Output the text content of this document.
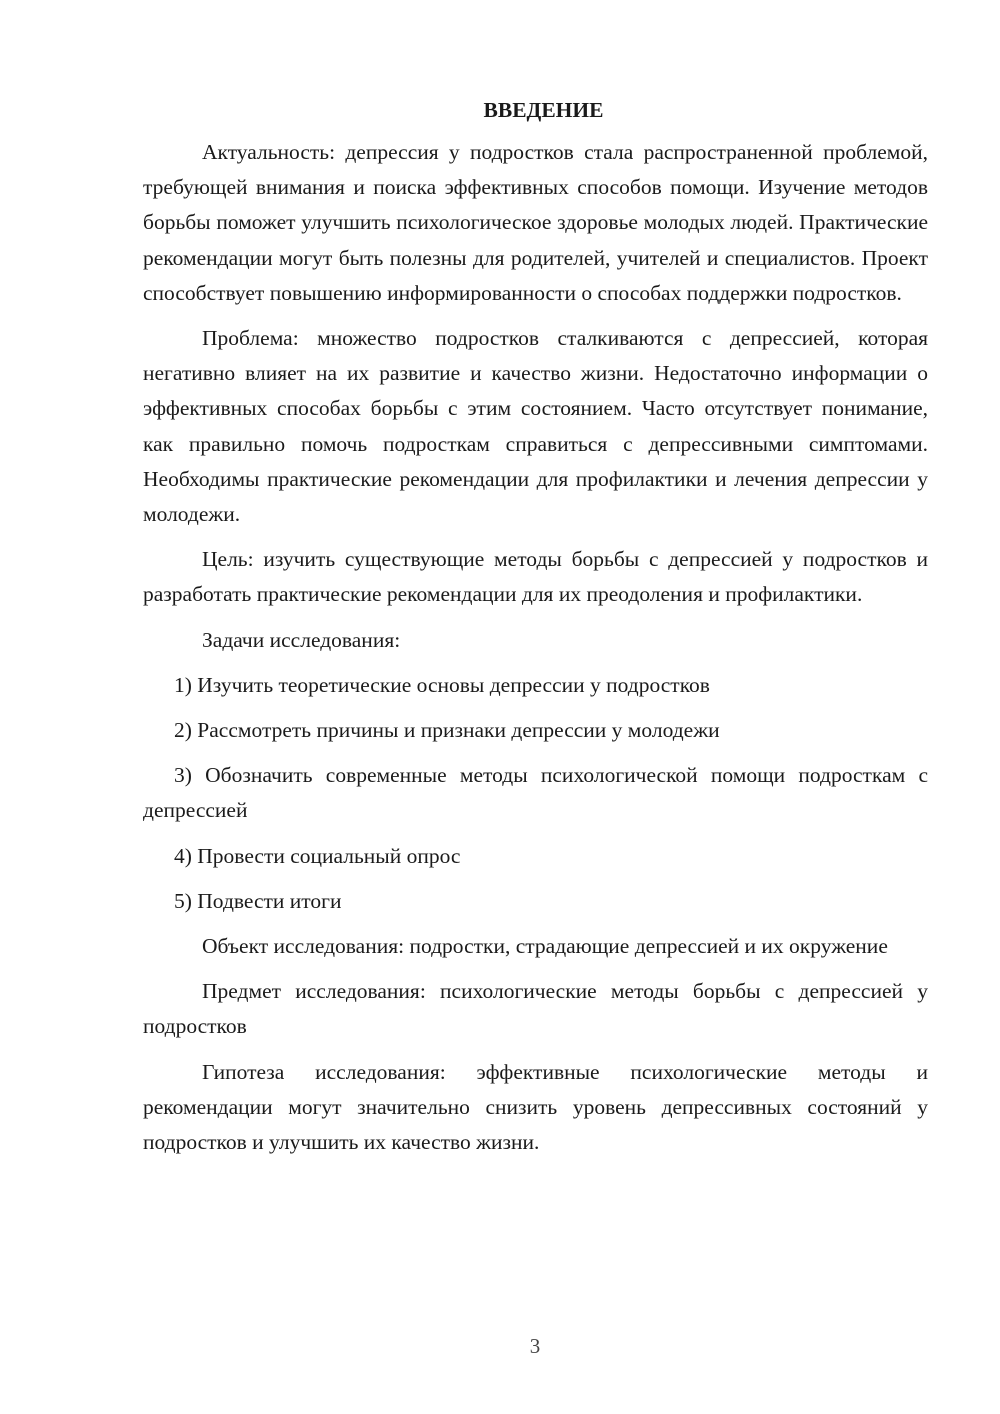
ВВЕДЕНИЕ

Актуальность: депрессия у подростков стала распространенной проблемой, требующей внимания и поиска эффективных способов помощи. Изучение методов борьбы поможет улучшить психологическое здоровье молодых людей. Практические рекомендации могут быть полезны для родителей, учителей и специалистов. Проект способствует повышению информированности о способах поддержки подростков.

Проблема: множество подростков сталкиваются с депрессией, которая негативно влияет на их развитие и качество жизни. Недостаточно информации о эффективных способах борьбы с этим состоянием. Часто отсутствует понимание, как правильно помочь подросткам справиться с депрессивными симптомами. Необходимы практические рекомендации для профилактики и лечения депрессии у молодежи.

Цель: изучить существующие методы борьбы с депрессией у подростков и разработать практические рекомендации для их преодоления и профилактики.

Задачи исследования:

1) Изучить теоретические основы депрессии у подростков

2) Рассмотреть причины и признаки депрессии у молодежи

3) Обозначить современные методы психологической помощи подросткам с депрессией

4) Провести социальный опрос

5) Подвести итоги

Объект исследования: подростки, страдающие депрессией и их окружение

Предмет исследования: психологические методы борьбы с депрессией у подростков

Гипотеза исследования: эффективные психологические методы и рекомендации могут значительно снизить уровень депрессивных состояний у подростков и улучшить их качество жизни.

3
